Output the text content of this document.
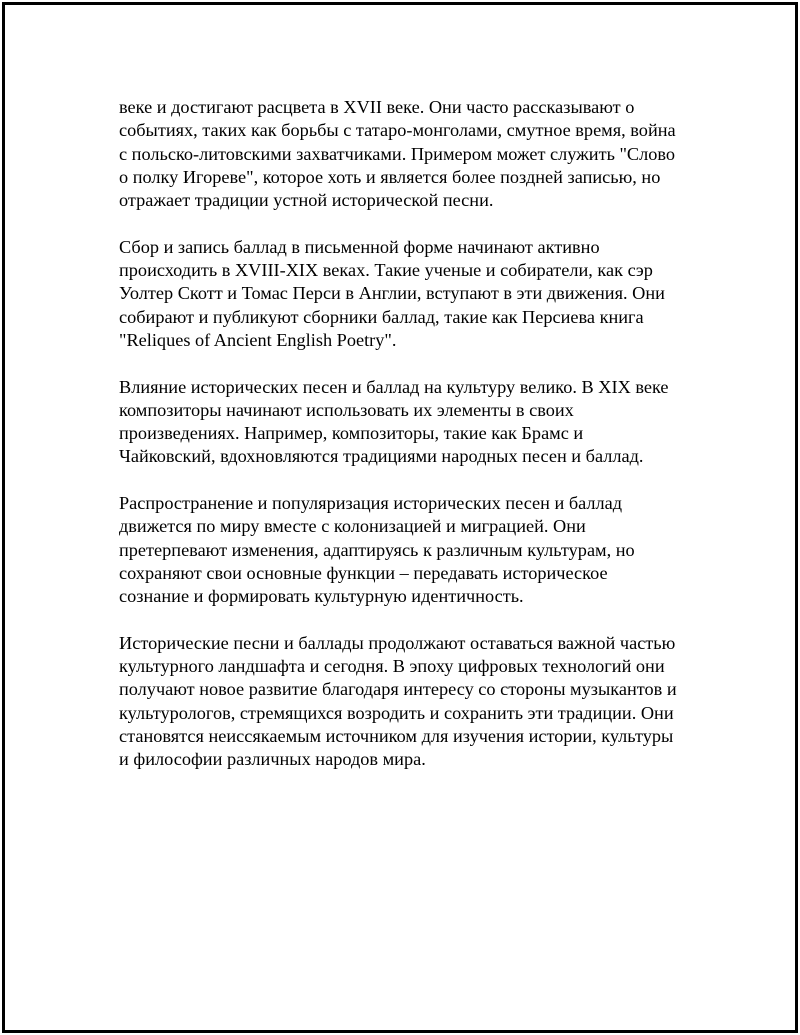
веке и достигают расцвета в XVII веке. Они часто рассказывают о
событиях, таких как борьбы с татаро-монголами, смутное время, война
с польско-литовскими захватчиками. Примером может служить "Слово
о полку Игореве", которое хоть и является более поздней записью, но
отражает традиции устной исторической песни.

Сбор и запись баллад в письменной форме начинают активно
происходить в XVIII-XIX веках. Такие ученые и собиратели, как сэр
Уолтер Скотт и Томас Перси в Англии, вступают в эти движения. Они
собирают и публикуют сборники баллад, такие как Персиева книга
"Reliques of Ancient English Poetry".

Влияние исторических песен и баллад на культуру велико. В XIX веке
композиторы начинают использовать их элементы в своих
произведениях. Например, композиторы, такие как Брамс и
Чайковский, вдохновляются традициями народных песен и баллад.

Распространение и популяризация исторических песен и баллад
движется по миру вместе с колонизацией и миграцией. Они
претерпевают изменения, адаптируясь к различным культурам, но
сохраняют свои основные функции – передавать историческое
сознание и формировать культурную идентичность.

Исторические песни и баллады продолжают оставаться важной частью
культурного ландшафта и сегодня. В эпоху цифровых технологий они
получают новое развитие благодаря интересу со стороны музыкантов и
культурологов, стремящихся возродить и сохранить эти традиции. Они
становятся неиссякаемым источником для изучения истории, культуры
и философии различных народов мира.
